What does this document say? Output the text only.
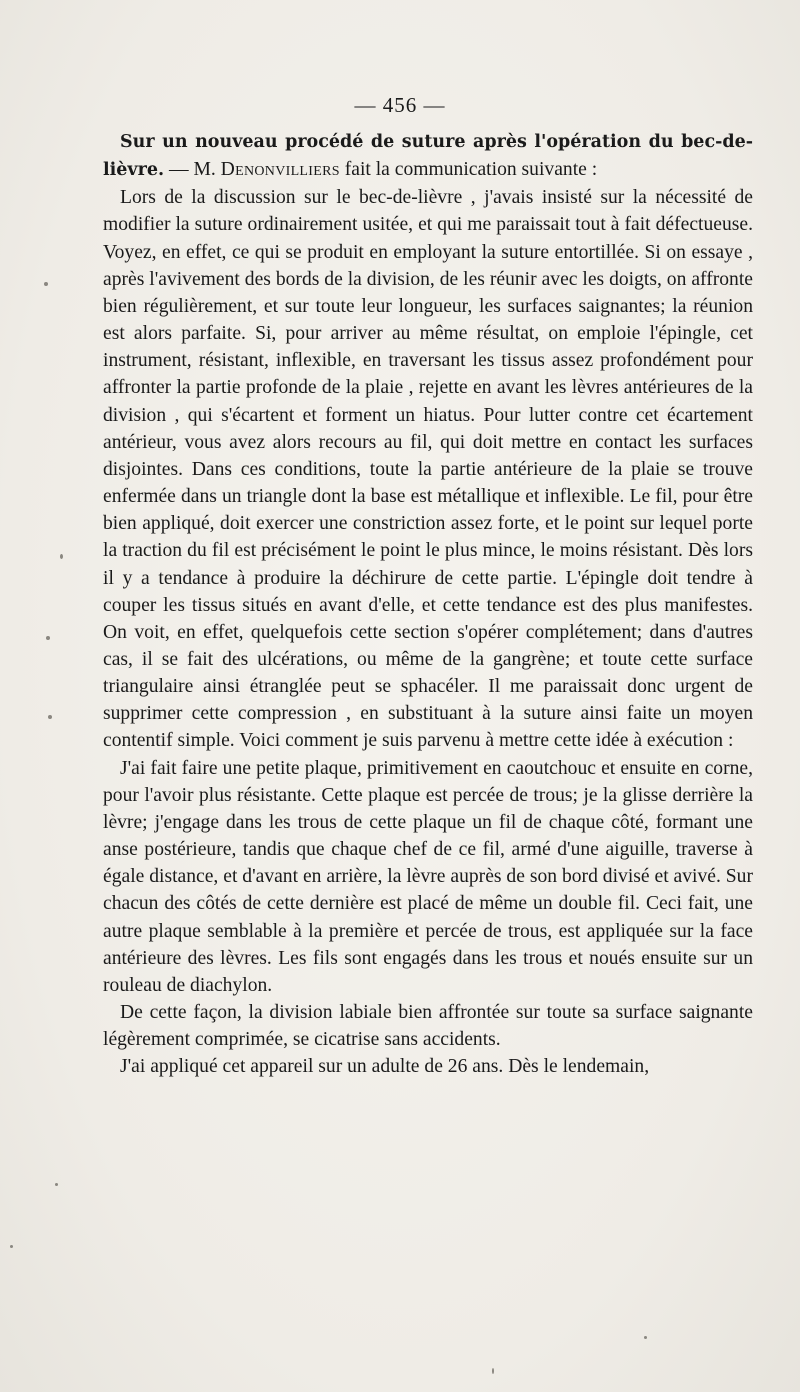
— 456 —

Sur un nouveau procédé de suture après l'opération du bec-de-lièvre. — M. Denonvilliers fait la communication suivante :

Lors de la discussion sur le bec-de-lièvre , j'avais insisté sur la nécessité de modifier la suture ordinairement usitée, et qui me paraissait tout à fait défectueuse. Voyez, en effet, ce qui se produit en employant la suture entortillée. Si on essaye , après l'avivement des bords de la division, de les réunir avec les doigts, on affronte bien régulièrement, et sur toute leur longueur, les surfaces saignantes; la réunion est alors parfaite. Si, pour arriver au même résultat, on emploie l'épingle, cet instrument, résistant, inflexible, en traversant les tissus assez profondément pour affronter la partie profonde de la plaie , rejette en avant les lèvres antérieures de la division , qui s'écartent et forment un hiatus. Pour lutter contre cet écartement antérieur, vous avez alors recours au fil, qui doit mettre en contact les surfaces disjointes. Dans ces conditions, toute la partie antérieure de la plaie se trouve enfermée dans un triangle dont la base est métallique et inflexible. Le fil, pour être bien appliqué, doit exercer une constriction assez forte, et le point sur lequel porte la traction du fil est précisément le point le plus mince, le moins résistant. Dès lors il y a tendance à produire la déchirure de cette partie. L'épingle doit tendre à couper les tissus situés en avant d'elle, et cette tendance est des plus manifestes. On voit, en effet, quelquefois cette section s'opérer complétement; dans d'autres cas, il se fait des ulcérations, ou même de la gangrène; et toute cette surface triangulaire ainsi étranglée peut se sphacéler. Il me paraissait donc urgent de supprimer cette compression , en substituant à la suture ainsi faite un moyen contentif simple. Voici comment je suis parvenu à mettre cette idée à exécution :

J'ai fait faire une petite plaque, primitivement en caoutchouc et ensuite en corne, pour l'avoir plus résistante. Cette plaque est percée de trous; je la glisse derrière la lèvre; j'engage dans les trous de cette plaque un fil de chaque côté, formant une anse postérieure, tandis que chaque chef de ce fil, armé d'une aiguille, traverse à égale distance, et d'avant en arrière, la lèvre auprès de son bord divisé et avivé. Sur chacun des côtés de cette dernière est placé de même un double fil. Ceci fait, une autre plaque semblable à la première et percée de trous, est appliquée sur la face antérieure des lèvres. Les fils sont engagés dans les trous et noués ensuite sur un rouleau de diachylon.

De cette façon, la division labiale bien affrontée sur toute sa surface saignante légèrement comprimée, se cicatrise sans accidents.

J'ai appliqué cet appareil sur un adulte de 26 ans. Dès le lendemain,
